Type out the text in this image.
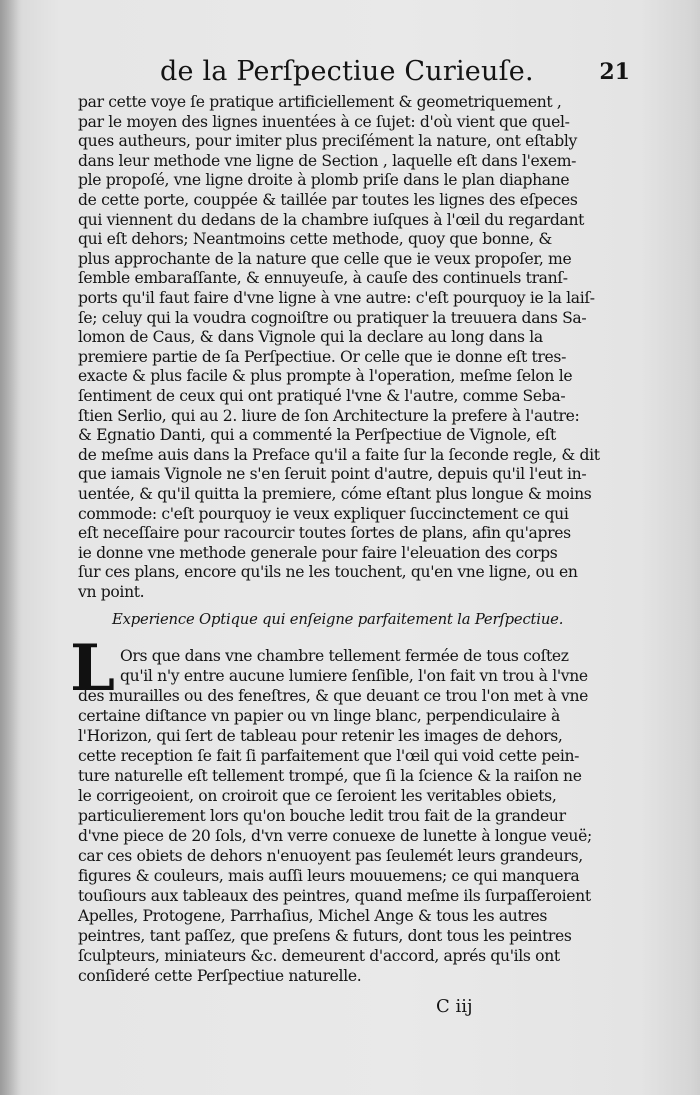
de la Perſpectiue Curieuſe.	21
par cette voye ſe pratique artificiellement & geometriquement ,
par le moyen des lignes inuentées à ce ſujet: d'où vient que quel-
ques autheurs, pour imiter plus preciſément la nature, ont eſtably
dans leur methode vne ligne de Section , laquelle eſt dans l'exem-
ple propoſé, vne ligne droite à plomb priſe dans le plan diaphane
de cette porte, couppée & taillée par toutes les lignes des eſpeces
qui viennent du dedans de la chambre iuſques à l'œil du regardant
qui eſt dehors; Neantmoins cette methode, quoy que bonne, &
plus approchante de la nature que celle que ie veux propoſer, me
ſemble embaraſſante, & ennuyeuſe, à cauſe des continuels tranſ-
ports qu'il faut faire d'vne ligne à vne autre: c'eſt pourquoy ie la laiſ-
ſe; celuy qui la voudra cognoiſtre ou pratiquer la treuuera dans Sa-
lomon de Caus, & dans Vignole qui la declare au long dans la
premiere partie de ſa Perſpectiue. Or celle que ie donne eſt tres-
exacte & plus facile & plus prompte à l'operation, meſme ſelon le
ſentiment de ceux qui ont pratiqué l'vne & l'autre, comme Seba-
ſtien Serlio, qui au 2. liure de ſon Architecture la prefere à l'autre:
& Egnatio Danti, qui a commenté la Perſpectiue de Vignole, eſt
de meſme auis dans la Preface qu'il a faite ſur la ſeconde regle, & dit
que iamais Vignole ne s'en ſeruit point d'autre, depuis qu'il l'eut in-
uentée, & qu'il quitta la premiere, cóme eſtant plus longue & moins
commode: c'eſt pourquoy ie veux expliquer ſuccinctement ce qui
eſt neceſſaire pour racourcir toutes ſortes de plans, afin qu'apres
ie donne vne methode generale pour faire l'eleuation des corps
ſur ces plans, encore qu'ils ne les touchent, qu'en vne ligne, ou en
vn point.
Experience Optique qui enſeigne parfaitement la Perſpectiue.
L Ors que dans vne chambre tellement fermée de tous coſtez
qu'il n'y entre aucune lumiere ſenſible, l'on fait vn trou à l'vne
des murailles ou des feneſtres, & que deuant ce trou l'on met à vne
certaine diſtance vn papier ou vn linge blanc, perpendiculaire à
l'Horizon, qui ſert de tableau pour retenir les images de dehors,
cette reception ſe fait ſi parfaitement que l'œil qui void cette pein-
ture naturelle eſt tellement trompé, que ſi la ſcience & la raiſon ne
le corrigeoient, on croiroit que ce ſeroient les veritables obiets,
particulierement lors qu'on bouche ledit trou fait de la grandeur
d'vne piece de 20 ſols, d'vn verre conuexe de lunette à longue veuë;
car ces obiets de dehors n'enuoyent pas ſeulemét leurs grandeurs,
figures & couleurs, mais auſſi leurs mouuemens; ce qui manquera
touſiours aux tableaux des peintres, quand meſme ils ſurpaſſeroient
Apelles, Protogene, Parrhaſius, Michel Ange & tous les autres
peintres, tant paſſez, que preſens & futurs, dont tous les peintres
ſculpteurs, miniateurs &c. demeurent d'accord, aprés qu'ils ont
conſideré cette Perſpectiue naturelle.
C iij
